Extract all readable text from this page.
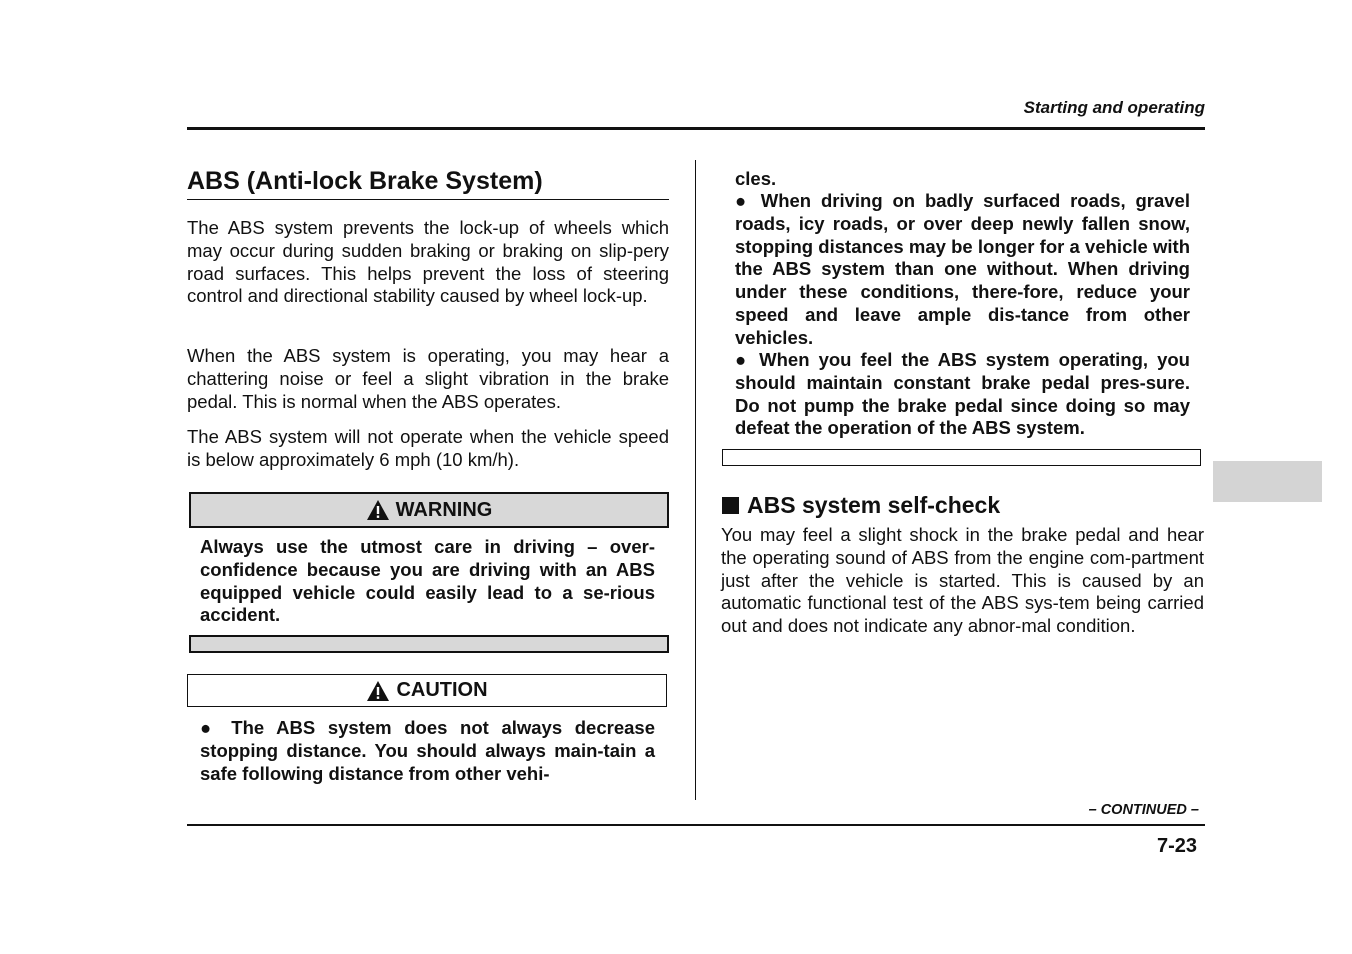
Starting and operating
ABS (Anti-lock Brake System)

The ABS system prevents the lock-up of wheels which may occur during sudden braking or braking on slip-pery road surfaces. This helps prevent the loss of steering control and directional stability caused by wheel lock-up.

When the ABS system is operating, you may hear a chattering noise or feel a slight vibration in the brake pedal. This is normal when the ABS operates.

The ABS system will not operate when the vehicle speed is below approximately 6 mph (10 km/h).

WARNING

Always use the utmost care in driving – over-confidence because you are driving with an ABS equipped vehicle could easily lead to a se-rious accident.

CAUTION

● The ABS system does not always decrease stopping distance. You should always main-tain a safe following distance from other vehi-

cles.

● When driving on badly surfaced roads, gravel roads, icy roads, or over deep newly fallen snow, stopping distances may be longer for a vehicle with the ABS system than one without. When driving under these conditions, there-fore, reduce your speed and leave ample dis-tance from other vehicles.

● When you feel the ABS system operating, you should maintain constant brake pedal pres-sure. Do not pump the brake pedal since doing so may defeat the operation of the ABS system.

ABS system self-check

You may feel a slight shock in the brake pedal and hear the operating sound of ABS from the engine com-partment just after the vehicle is started. This is caused by an automatic functional test of the ABS sys-tem being carried out and does not indicate any abnor-mal condition.

– CONTINUED –
7-23
